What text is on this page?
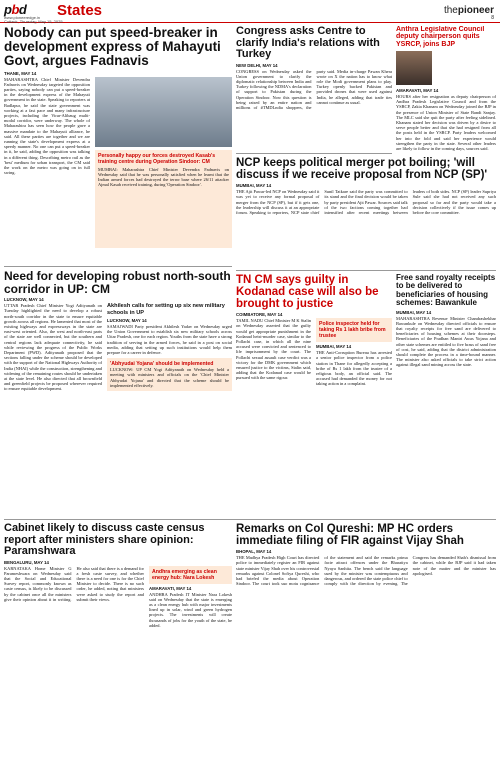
pbd
www.pioneeredge.in
Cuttack, Thursday, May 15, 2025
States	thepioneer
8
Nobody can put speed-breaker in development express of Mahayuti Govt, argues Fadnavis
THANE, MAY 14

MAHARASHTRA Chief Minister Devendra Fadnavis on Wednesday targeted the opposition parties, saying nobody can put a speed-breaker in the development express of the Mahayuti government in the state. Speaking to reporters at Badlapur, he said the state government was working at a fast pace and many infrastructure projects, including the Virar-Alibaug multi-modal corridor, were underway. The whole of Maharashtra has seen how the people gave a massive mandate to the Mahayuti alliance, he said. All these parties are together and we are running the state's development express at a speedy manner. No one can put a speed-breaker in it, he said, adding the opposition was talking in a different thing. Describing metro rail as the 'best' medium for urban transport, the CM said the work on the metro was going on in full swing.

Personally happy our forces destroyed Kasab's training centre during Operation Sindoor: CM

MUMBAI: Maharashtra Chief Minister Devendra Fadnavis on Wednesday said that he was personally satisfied when he learnt that the Indian armed forces had destroyed the terror base where 26/11 attacker Ajmal Kasab received training, during 'Operation Sindoor'.

Need for developing robust north-south corridor in UP: CM
LUCKNOW, MAY 14

UTTAR Pradesh Chief Minister Yogi Adityanath on Tuesday highlighted the need to develop a robust north-south corridor in the state to ensure equitable growth across all regions. He lamented that most of the existing highways and expressways in the state are east-west oriented. Also, the west and north-east parts of the state are well connected, but the southern and central regions lack adequate connectivity, he said while reviewing the progress of the Public Works Department (PWD). Adityanath proposed that the sections falling under the scheme should be developed with the support of the National Highways Authority of India (NHAI) while the construction, strengthening and widening of the remaining routes should be undertaken at the state level. He also directed that all brownfield and greenfield projects be proposed wherever required to ensure equitable development.

Akhilesh calls for setting up six new military schools in UP

LUCKNOW, MAY 14

SAMAJWADI Party president Akhilesh Yadav on Wednesday urged the Union Government to establish six new military schools across Uttar Pradesh, one for each region. Youths from the state have a strong tradition of serving in the armed forces, he said in a post on social media, adding that setting up such institutions would help them prepare for a career in defence.

'Abhyudai Yojana' should be implemented

LUCKNOW: UP CM Yogi Adityanath on Wednesday held a meeting with ministers and officials on the 'Chief Minister Abhyudai Yojana' and directed that the scheme should be implemented effectively.

Congress asks Centre to clarify India's relations with Turkey
NEW DELHI, MAY 14

CONGRESS on Wednesday asked the Union government to clarify the diplomatic relationship between India and Turkey following the NDMA's declaration of support to Pakistan during the Operation Sindoor. Now this question is being raised by an entire nation and millions of #TMDLndia shoppers, the party said. Media in-charge Pawan Khera wrote on X the nation has to know what role the Modi government plans to play. Turkey openly backed Pakistan and provided drones that were used against India, he alleged, adding that trade ties cannot continue as usual.

Anthra Legislative Council deputy chairperson quits YSRCP, joins BJP
AMARAVATI, MAY 14

HOURS after her resignation as deputy chairperson of Andhra Pradesh Legislative Council and from the YSRCP, Zakia Khanam on Wednesday joined the BJP in the presence of Union Minister of State Bandi Sanjay. The MLC said she quit the party after feeling sidelined. Khanam stated her decision was driven by a desire to serve people better and that she had resigned from all the posts held in the YSRCP. Party leaders welcomed her into the fold and said her experience would strengthen the party in the state. Several other leaders are likely to follow in the coming days, sources said.

NCP keeps political merger pot boiling; 'will discuss if we receive proposal from NCP (SP)'
MUMBAI, MAY 14

THE Ajit Pawar-led NCP on Wednesday said it was yet to receive any formal proposal of merger from the NCP (SP), but if it gets one, the leadership will discuss it at an appropriate forum. Speaking to reporters, NCP state chief Sunil Tatkare said the party was committed to its stand and the final decision would be taken by party president Ajit Pawar. Sources said talk of the two factions coming together had intensified after recent meetings between leaders of both sides. NCP (SP) leader Supriya Sule said she had not received any such proposal so far and the party would take a decision collectively if the issue comes up before the core committee.

TN CM says guilty in Kodanad case will also be brought to justice
COIMBATORE, MAY 14

TAMIL NADU Chief Minister M K Stalin on Wednesday asserted that the guilty would get appropriate punishment in the Kodanad heist-murder case, similar to the Pollachi case, in which all the nine accused were convicted and sentenced to life imprisonment by the court. The Pollachi sexual assault case verdict was a victory for the DMK government which ensured justice to the victims, Stalin said, adding that the Kodanad case would be pursued with the same rigour.

Police inspector held for taking Rs 1 lakh bribe from trustee

MUMBAI, MAY 14

THE Anti-Corruption Bureau has arrested a senior police inspector from a police station in Thane for allegedly accepting a bribe of Rs 1 lakh from the trustee of a religious body, an official said. The accused had demanded the money for not taking action in a complaint.

Free sand royalty receipts to be delivered to beneficiaries of housing schemes: Bawankule
MUMBAI, MAY 14

MAHARASHTRA Revenue Minister Chandrashekhar Bawankule on Wednesday directed officials to ensure that royalty receipts for free sand are delivered to beneficiaries of housing schemes at their doorsteps. Beneficiaries of the Pradhan Mantri Awas Yojana and other state schemes are entitled to five brass of sand free of cost, he said, adding that the district administration should complete the process in a time-bound manner. The minister also asked officials to take strict action against illegal sand mining across the state.

Cabinet likely to discuss caste census report after ministers share opinion: Paramshwara
BENGALURU, MAY 14

KARNATAKA Home Minister G Parameshwara on Wednesday said that the Social and Educational Survey report, commonly known as caste census, is likely to be discussed by the cabinet once all the ministers give their opinion about it in writing. He also said that there is a demand for a fresh caste survey, and whether there is a need for one is for the Chief Minister to decide. There is no such order, he added, noting that ministers were asked to study the report and submit their views.

Andhra emerging as clean energy hub: Nara Lokesh

AMARAVATI, MAY 14

ANDHRA Pradesh IT Minister Nara Lokesh said on Wednesday that the state is emerging as a clean energy hub with major investments lined up in solar, wind and green hydrogen projects. The investments will create thousands of jobs for the youth of the state, he added.

Remarks on Col Qureshi: MP HC orders immediate filing of FIR against Vijay Shah
BHOPAL, MAY 14

THE Madhya Pradesh High Court has directed police to immediately register an FIR against state minister Vijay Shah over his controversial remarks against Colonel Sofiya Qureshi, who had briefed the media about Operation Sindoor. The court took suo motu cognisance of the statement and said the remarks prima facie attract offences under the Bharatiya Nyaya Sanhita. The bench said the language used by the minister was contemptuous and dangerous, and ordered the state police chief to comply with the direction by evening. The Congress has demanded Shah's dismissal from the cabinet, while the BJP said it had taken note of the matter and the minister has apologised.
